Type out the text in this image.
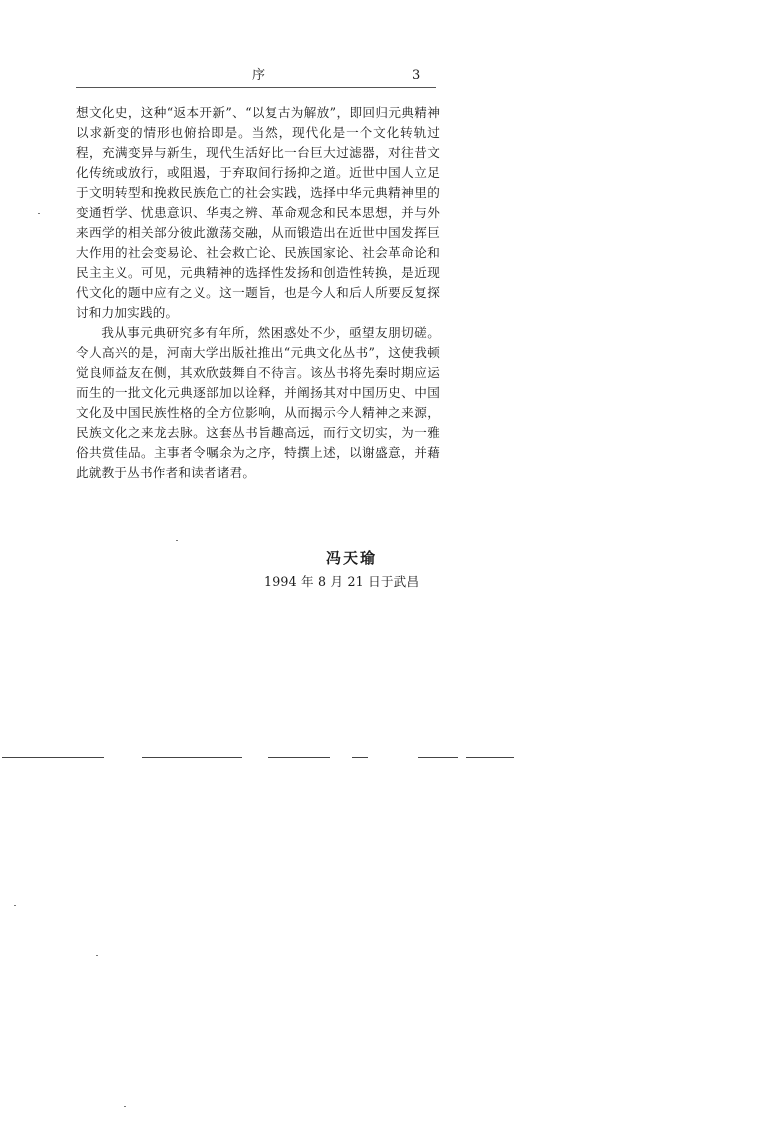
序	3

想文化史，这种“返本开新”、“以复古为解放”，即回归元典精神以求新变的情形也俯拾即是。当然，现代化是一个文化转轨过程，充满变异与新生，现代生活好比一台巨大过滤器，对往昔文化传统或放行，或阻遏，于弃取间行扬抑之道。近世中国人立足于文明转型和挽救民族危亡的社会实践，选择中华元典精神里的变通哲学、忧患意识、华夷之辨、革命观念和民本思想，并与外来西学的相关部分彼此激荡交融，从而锻造出在近世中国发挥巨大作用的社会变易论、社会救亡论、民族国家论、社会革命论和民主主义。可见，元典精神的选择性发扬和创造性转换，是近现代文化的题中应有之义。这一题旨，也是今人和后人所要反复探讨和力加实践的。

我从事元典研究多有年所，然困惑处不少，亟望友朋切磋。令人高兴的是，河南大学出版社推出“元典文化丛书”，这使我顿觉良师益友在侧，其欢欣鼓舞自不待言。该丛书将先秦时期应运而生的一批文化元典逐部加以诠释，并阐扬其对中国历史、中国文化及中国民族性格的全方位影响，从而揭示今人精神之来源，民族文化之来龙去脉。这套丛书旨趣高远，而行文切实，为一雅俗共赏佳品。主事者令嘱余为之序，特撰上述，以谢盛意，并藉此就教于丛书作者和读者诸君。

冯天瑜
1994 年 8 月 21 日于武昌
